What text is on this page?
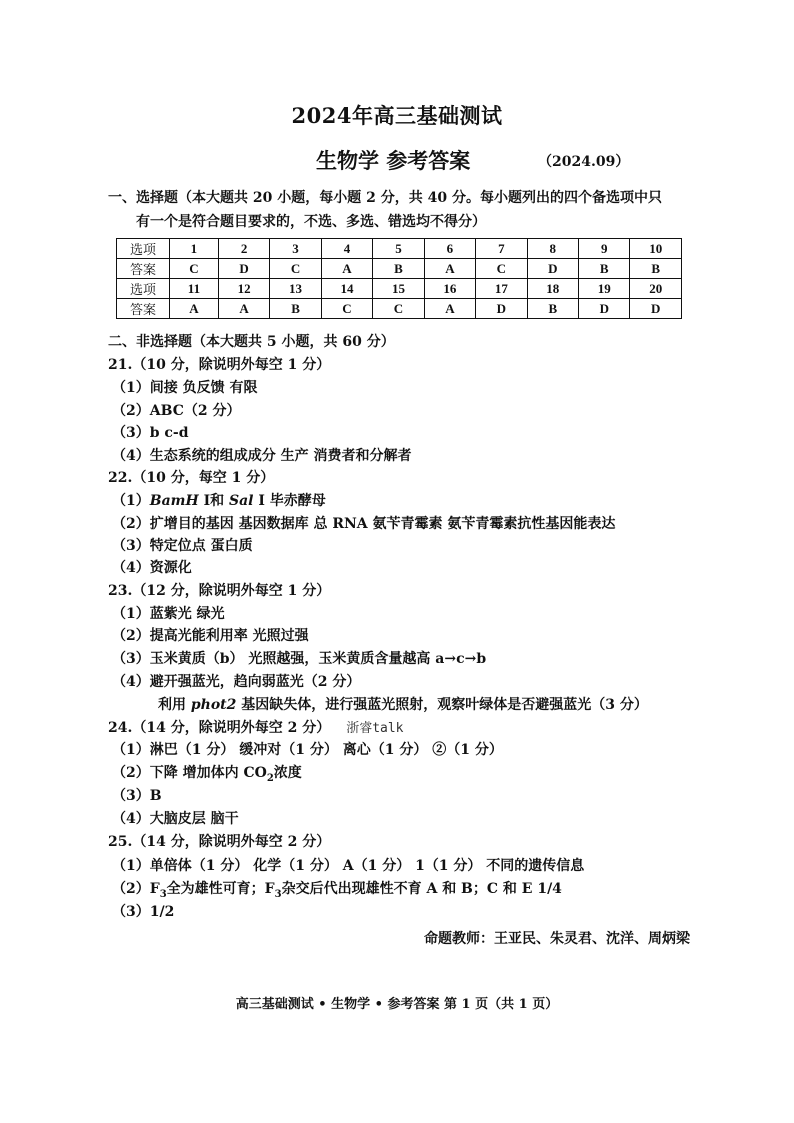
2024年高三基础测试
生物学 参考答案	（2024.09）
一、选择题（本大题共 20 小题，每小题 2 分，共 40 分。每小题列出的四个备选项中只
有一个是符合题目要求的，不选、多选、错选均不得分）
选项	1	2	3	4	5	6	7	8	9	10
答案	C	D	C	A	B	A	C	D	B	B
选项	11	12	13	14	15	16	17	18	19	20
答案	A	A	B	C	C	A	D	B	D	D
二、非选择题（本大题共 5 小题，共 60 分）
21.（10 分，除说明外每空 1 分）
（1）间接 负反馈 有限
（2）ABC（2 分）
（3）b c-d
（4）生态系统的组成成分 生产 消费者和分解者
22.（10 分，每空 1 分）
（1）BamH Ⅰ和 Sal Ⅰ 毕赤酵母
（2）扩增目的基因 基因数据库 总 RNA 氨苄青霉素 氨苄青霉素抗性基因能表达
（3）特定位点 蛋白质
（4）资源化
23.（12 分，除说明外每空 1 分）
（1）蓝紫光 绿光
（2）提高光能利用率 光照过强
（3）玉米黄质（b） 光照越强，玉米黄质含量越高 a→c→b
（4）避开强蓝光，趋向弱蓝光（2 分）
利用 phot2 基因缺失体，进行强蓝光照射，观察叶绿体是否避强蓝光（3 分）
24.（14 分，除说明外每空 2 分） 浙睿talk
（1）淋巴（1 分） 缓冲对（1 分） 离心（1 分） ②（1 分）
（2）下降 增加体内 $CO_2$浓度
（3）B
（4）大脑皮层 脑干
25.（14 分，除说明外每空 2 分）
（1）单倍体（1 分） 化学（1 分） A（1 分） 1（1 分） 不同的遗传信息
$(2)F_3$全为雄性可育；$F_3$杂交后代出现雄性不育 A 和 B；C 和 E 1/4
（3）1/2
命题教师：王亚民、朱灵君、沈洋、周炳梁
高三基础测试 • 生物学 • 参考答案 第 1 页（共 1 页）
